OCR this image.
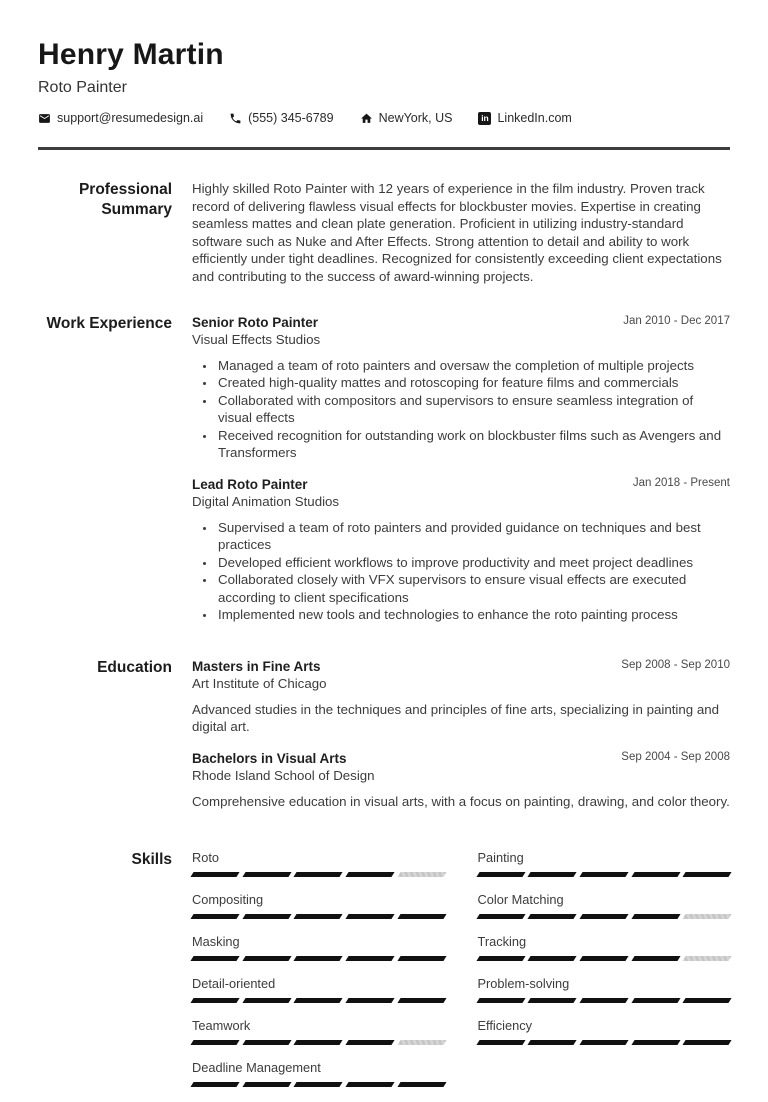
Henry Martin
Roto Painter
support@resumedesign.ai	(555) 345-6789	NewYork, US	in LinkedIn.com
Professional Summary
Highly skilled Roto Painter with 12 years of experience in the film industry. Proven track record of delivering flawless visual effects for blockbuster movies. Expertise in creating seamless mattes and clean plate generation. Proficient in utilizing industry-standard software such as Nuke and After Effects. Strong attention to detail and ability to work efficiently under tight deadlines. Recognized for consistently exceeding client expectations and contributing to the success of award-winning projects.
Work Experience Senior Roto Painter
Visual Effects Studios
Jan 2010 - Dec 2017
• Managed a team of roto painters and oversaw the completion of multiple projects
• Created high-quality mattes and rotoscoping for feature films and commercials
• Collaborated with compositors and supervisors to ensure seamless integration of visual effects
• Received recognition for outstanding work on blockbuster films such as Avengers and Transformers
Lead Roto Painter
Digital Animation Studios
Jan 2018 - Present
• Supervised a team of roto painters and provided guidance on techniques and best practices
• Developed efficient workflows to improve productivity and meet project deadlines
• Collaborated closely with VFX supervisors to ensure visual effects are executed according to client specifications
• Implemented new tools and technologies to enhance the roto painting process
Education Masters in Fine Arts
Art Institute of Chicago
Sep 2008 - Sep 2010
Advanced studies in the techniques and principles of fine arts, specializing in painting and digital art.
Bachelors in Visual Arts
Rhode Island School of Design
Sep 2004 - Sep 2008
Comprehensive education in visual arts, with a focus on painting, drawing, and color theory.
Skills Roto
Compositing
Masking
Detail-oriented
Teamwork
Deadline Management
Painting
Color Matching
Tracking
Problem-solving
Efficiency
